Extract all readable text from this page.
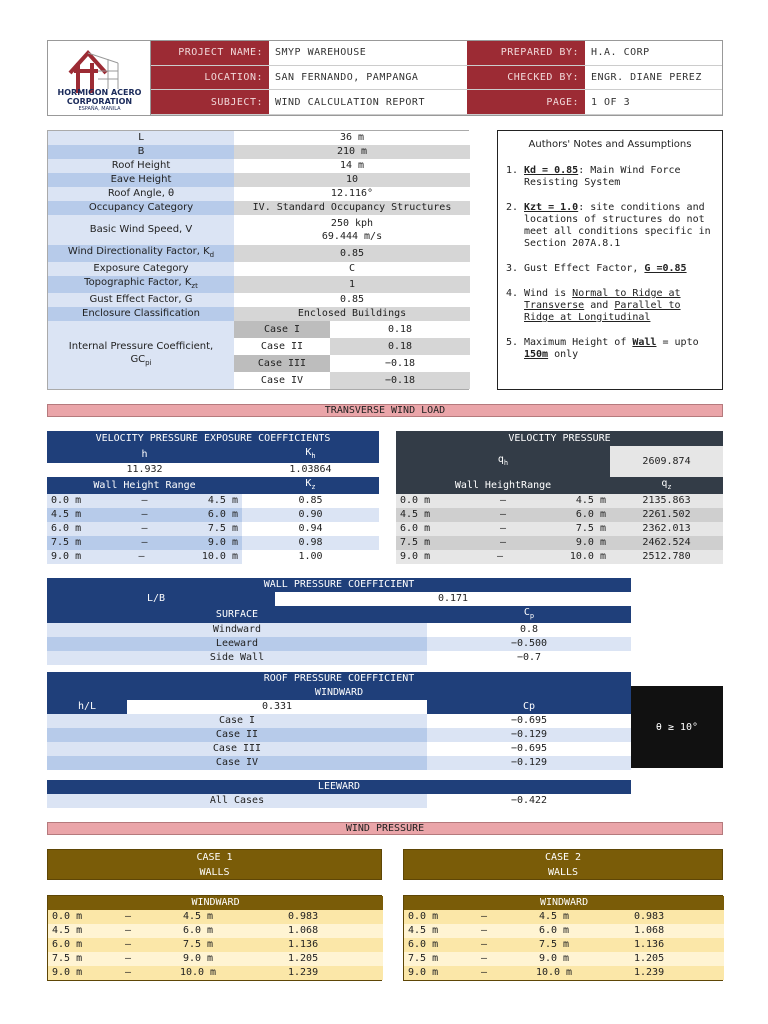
HORMIGON ACERO
CORPORATION
ESPAÑA, MANILA
PROJECT NAME:	SMYP WAREHOUSE	PREPARED BY:	H.A. CORP
LOCATION:	SAN FERNANDO, PAMPANGA	CHECKED BY:	ENGR. DIANE PEREZ
SUBJECT:	WIND CALCULATION REPORT	PAGE:	1 OF 3
L	36 m	
B	210 m	
Roof Height	14 m	
Eave Height	10	
Roof Angle, θ	12.116°	
Occupancy Category	IV. Standard Occupancy Structures	
Basic Wind Speed, V	250 kph
69.444 m/s	

Wind Directionality Factor, $K_d$	0.85	
Exposure Category	C	
Topographic Factor, $K_{zt}$	1	
Gust Effect Factor, G	0.85	
Enclosure Classification	Enclosed Buildings	

Internal Pressure Coefficient,
$GC_{pi}$	Case I	0.18
	Case II	0.18
	Case III	−0.18
	Case IV	−0.18
Authors' Notes and Assumptions
1. Kd = 0.85: Main Wind Force Resisting System
2. Kzt = 1.0: site conditions and locations of structures do not meet all conditions specific in Section 207A.8.1
3. Gust Effect Factor, G =0.85
4. Wind is Normal to Ridge at Transverse and Parallel to Ridge at Longitudinal
5. Maximum Height of Wall = upto 150m only
TRANSVERSE WIND LOAD
VELOCITY PRESSURE EXPOSURE COEFFICIENTS	
h	$K_h$
11.932	1.03864
Wall Height Range	$K_z$

0.0 m – 4.5 m	0.85

4.5 m – 6.0 m	0.90

6.0 m – 7.5 m	0.94

7.5 m – 9.0 m	0.98

9.0 m – 10.0 m	1.00
VELOCITY PRESSURE	
$q_h$	2609.874
Wall HeightRange	$q_z$

0.0 m – 4.5 m	2135.863

4.5 m – 6.0 m	2261.502

6.0 m – 7.5 m	2362.013

7.5 m – 9.0 m	2462.524

9.0 m – 10.0 m	2512.780
WALL PRESSURE COEFFICIENT		
L/B	0.171	
SURFACE		$C_p$
Windward		0.8
Leeward		−0.500
Side Wall		−0.7
ROOF PRESSURE COEFFICIENT		
WINDWARD		
h/L	0.331	Cp
Case I		−0.695
Case II		−0.129
Case III		−0.695
Case IV		−0.129
θ ≥ 10°
LEEWARD
All Cases	−0.422
WIND PRESSURE
CASE 1
WALLS
WINDWARD			
0.0 m	–	4.5 m	0.983
4.5 m	–	6.0 m	1.068
6.0 m	–	7.5 m	1.136
7.5 m	–	9.0 m	1.205
9.0 m	–	10.0 m	1.239
CASE 2
WALLS
WINDWARD			
0.0 m	–	4.5 m	0.983
4.5 m	–	6.0 m	1.068
6.0 m	–	7.5 m	1.136
7.5 m	–	9.0 m	1.205
9.0 m	–	10.0 m	1.239
